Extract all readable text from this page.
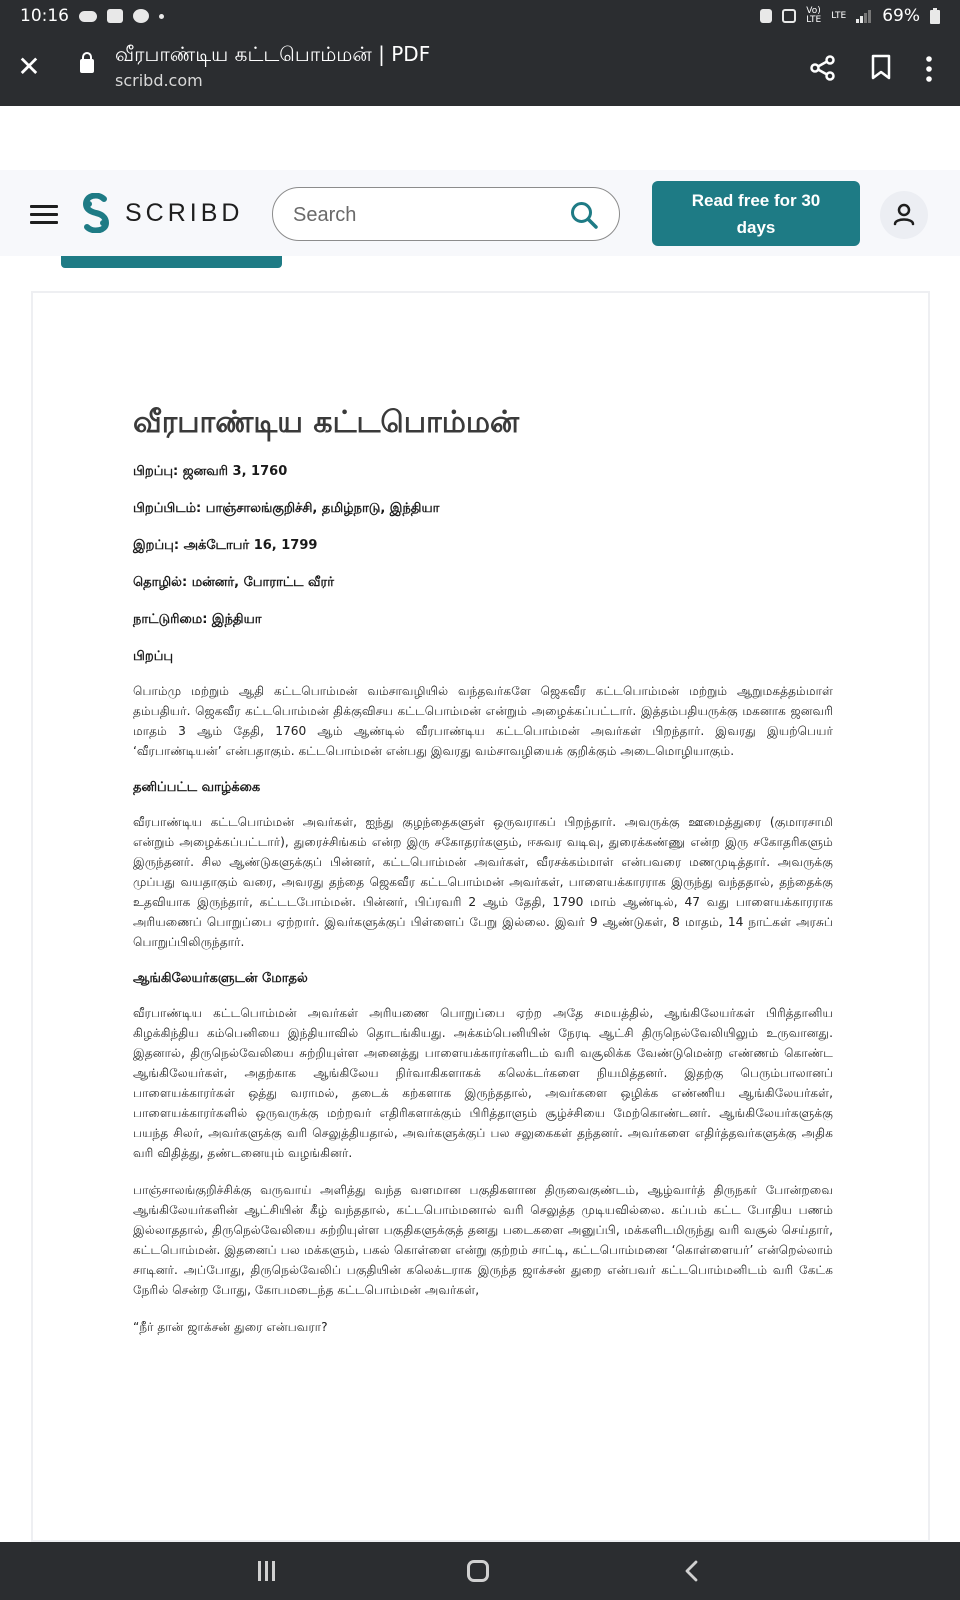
10:16	Vo)
LTE LTE 69%
✕	வீரபாண்டிய கட்டபொம்மன் | PDF
scribd.com
SCRIBD
Search	Read free for 30 days
வீரபாண்டிய கட்டபொம்மன்
பிறப்பு: ஜனவரி 3, 1760
பிறப்பிடம்: பாஞ்சாலங்குறிச்சி, தமிழ்நாடு, இந்தியா
இறப்பு: அக்டோபர் 16, 1799
தொழில்: மன்னர், போராட்ட வீரர்
நாட்டுரிமை: இந்தியா
பிறப்பு

பொம்மு மற்றும் ஆதி கட்டபொம்மன் வம்சாவழியில் வந்தவர்களே ஜெகவீர கட்டபொம்மன் மற்றும் ஆறுமகத்தம்மாள் தம்பதியர். ஜெகவீர கட்டபொம்மன் திக்குவிசய கட்டபொம்மன் என்றும் அழைக்கப்பட்டார். இத்தம்பதியருக்கு மகனாக ஜனவரி மாதம் 3 ஆம் தேதி, 1760 ஆம் ஆண்டில் வீரபாண்டிய கட்டபொம்மன் அவர்கள் பிறந்தார். இவரது இயற்பெயர் ‘வீரபாண்டியன்’ என்பதாகும். கட்டபொம்மன் என்பது இவரது வம்சாவழியைக் குறிக்கும் அடைமொழியாகும்.

தனிப்பட்ட வாழ்க்கை

வீரபாண்டிய கட்டபொம்மன் அவர்கள், ஐந்து குழந்தைகளுள் ஒருவராகப் பிறந்தார். அவருக்கு ஊமைத்துரை (குமாரசாமி என்றும் அழைக்கப்பட்டார்), துரைச்சிங்கம் என்ற இரு சகோதரர்களும், ஈசுவர வடிவு, துரைக்கண்ணு என்ற இரு சகோதரிகளும் இருந்தனர். சில ஆண்டுகளுக்குப் பின்னர், கட்டபொம்மன் அவர்கள், வீரசக்கம்மாள் என்பவரை மணமுடித்தார். அவருக்கு முப்பது வயதாகும் வரை, அவரது தந்தை ஜெகவீர கட்டபொம்மன் அவர்கள், பாளையக்காரராக இருந்து வந்ததால், தந்தைக்கு உதவியாக இருந்தார், கட்டடபோம்மன். பின்னர், பிப்ரவரி 2 ஆம் தேதி, 1790 மாம் ஆண்டில், 47 வது பாளையக்காரராக அரியணைப் பொறுப்பை ஏற்றார். இவர்களுக்குப் பிள்ளைப் பேறு இல்லை. இவர் 9 ஆண்டுகள், 8 மாதம், 14 நாட்கள் அரசுப் பொறுப்பிலிருந்தார்.

ஆங்கிலேயர்களுடன் மோதல்

வீரபாண்டிய கட்டபொம்மன் அவர்கள் அரியணை பொறுப்பை ஏற்ற அதே சமயத்தில், ஆங்கிலேயர்கள் பிரித்தானிய கிழக்கிந்திய கம்பெனியை இந்தியாவில் தொடங்கியது. அக்கம்பெனியின் நேரடி ஆட்சி திருநெல்வேலியிலும் உருவானது. இதனால், திருநெல்வேலியை சுற்றியுள்ள அனைத்து பாளையக்காரர்களிடம் வரி வசூலிக்க வேண்டுமென்ற எண்ணம் கொண்ட ஆங்கிலேயர்கள், அதற்காக ஆங்கிலேய நிர்வாகிகளாகக் கலெக்டர்களை நியமித்தனர். இதற்கு பெரும்பாலானப் பாளையக்காரர்கள் ஒத்து வராமல், தடைக் கற்களாக இருந்ததால், அவர்களை ஒழிக்க எண்ணிய ஆங்கிலேயர்கள், பாளையக்காரர்களில் ஒருவருக்கு மற்றவர் எதிரிகளாக்கும் பிரித்தாளும் சூழ்ச்சியை மேற்கொண்டனர். ஆங்கிலேயர்களுக்கு பயந்த சிலர், அவர்களுக்கு வரி செலுத்தியதால், அவர்களுக்குப் பல சலுகைகள் தந்தனர். அவர்களை எதிர்த்தவர்களுக்கு அதிக வரி விதித்து, தண்டனையும் வழங்கினர்.

பாஞ்சாலங்குறிச்சிக்கு வருவாய் அளித்து வந்த வளமான பகுதிகளான திருவைகுண்டம், ஆழ்வார்த் திருநகர் போன்றவை ஆங்கிலேயர்களின் ஆட்சியின் கீழ் வந்ததால், கட்டபொம்மனால் வரி செலுத்த முடியவில்லை. கப்பம் கட்ட போதிய பணம் இல்லாததால், திருநெல்வேலியை சுற்றியுள்ள பகுதிகளுக்குத் தனது படைகளை அனுப்பி, மக்களிடமிருந்து வரி வசூல் செய்தார், கட்டபொம்மன். இதனைப் பல மக்களும், பகல் கொள்ளை என்று குற்றம் சாட்டி, கட்டபொம்மனை ‘கொள்ளையர்’ என்றெல்லாம் சாடினர். அப்போது, திருநெல்வேலிப் பகுதியின் கலெக்டராக இருந்த ஜாக்சன் துறை என்பவர் கட்டபொம்மனிடம் வரி கேட்க நேரில் சென்ற போது, கோபமடைந்த கட்டபொம்மன் அவர்கள்,

“நீர் தான் ஜாக்சன் துரை என்பவரா?
